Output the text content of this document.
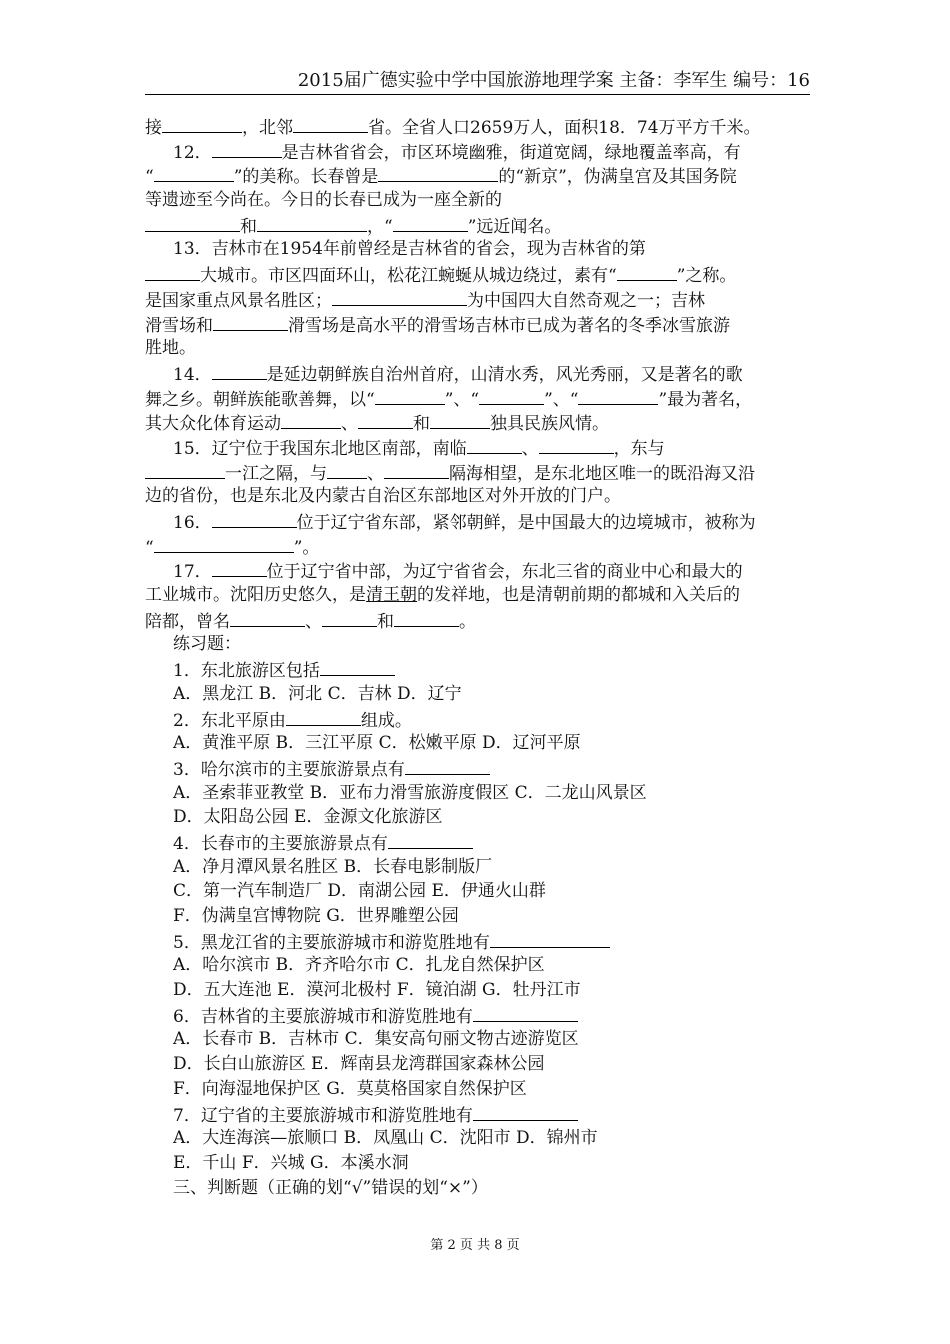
2015届广德实验中学中国旅游地理学案 主备：李军生 编号：16
接	，北邻	省。全省人口2659万人，面积18．74万平方千米。
12．	是吉林省省会，市区环境幽雅，街道宽阔，绿地覆盖率高，有
“	”的美称。长春曾是	的“新京”，伪满皇宫及其国务院
等遗迹至今尚在。今日的长春已成为一座全新的
和	，“	”远近闻名。
13．吉林市在1954年前曾经是吉林省的省会，现为吉林省的第
大城市。市区四面环山，松花江蜿蜒从城边绕过，素有“	”之称。
是国家重点风景名胜区；	为中国四大自然奇观之一；吉林
滑雪场和	滑雪场是高水平的滑雪场吉林市已成为著名的冬季冰雪旅游
胜地。
14．	是延边朝鲜族自治州首府，山清水秀，风光秀丽，又是著名的歌
舞之乡。朝鲜族能歌善舞，以“	”、“	”、“	”最为著名，
其大众化体育运动	、	和	独具民族风情。
15．辽宁位于我国东北地区南部，南临	、	，东与
一江之隔，与 、	隔海相望，是东北地区唯一的既沿海又沿
边的省份，也是东北及内蒙古自治区东部地区对外开放的门户。
16．	位于辽宁省东部，紧邻朝鲜，是中国最大的边境城市，被称为
“	”。
17．	位于辽宁省中部，为辽宁省省会，东北三省的商业中心和最大的
工业城市。沈阳历史悠久，是清王朝的发祥地，也是清朝前期的都城和入关后的
陪都，曾名	、	和	。
练习题：
1．东北旅游区包括
A．黑龙江 B．河北 C．吉林 D．辽宁
2．东北平原由	组成。
A．黄淮平原 B．三江平原 C．松嫩平原 D．辽河平原
3．哈尔滨市的主要旅游景点有
A．圣索菲亚教堂 B．亚布力滑雪旅游度假区 C．二龙山风景区
D．太阳岛公园 E．金源文化旅游区
4．长春市的主要旅游景点有
A．净月潭风景名胜区 B．长春电影制版厂
C．第一汽车制造厂 D．南湖公园 E．伊通火山群
F．伪满皇宫博物院 G．世界雕塑公园
5．黑龙江省的主要旅游城市和游览胜地有
A．哈尔滨市 B．齐齐哈尔市 C．扎龙自然保护区
D．五大连池 E．漠河北极村 F．镜泊湖 G．牡丹江市
6．吉林省的主要旅游城市和游览胜地有
A．长春市 B．吉林市 C．集安高句丽文物古迹游览区
D．长白山旅游区 E．辉南县龙湾群国家森林公园
F．向海湿地保护区 G．莫莫格国家自然保护区
7．辽宁省的主要旅游城市和游览胜地有
A．大连海滨—旅顺口 B．凤凰山 C．沈阳市 D．锦州市
E．千山 F．兴城 G．本溪水洞
三、判断题（正确的划“√”错误的划“×”）
第 2 页 共 8 页
